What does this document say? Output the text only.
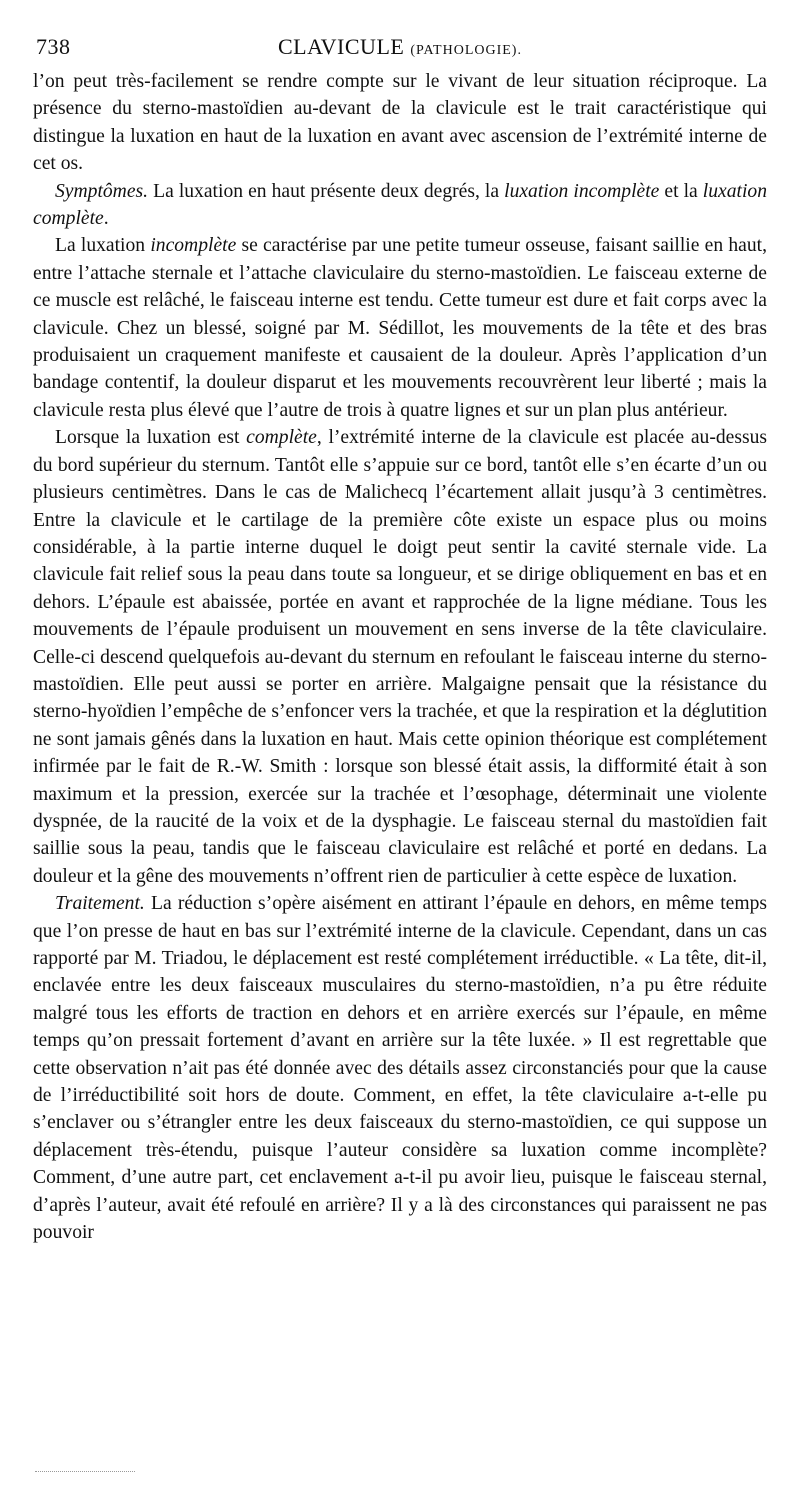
738	CLAVICULE (PATHOLOGIE).

l’on peut très-facilement se rendre compte sur le vivant de leur situation réciproque. La présence du sterno-mastoïdien au-devant de la clavicule est le trait caractéristique qui distingue la luxation en haut de la luxation en avant avec ascension de l’extrémité interne de cet os.

Symptômes. La luxation en haut présente deux degrés, la luxation incomplète et la luxation complète.

La luxation incomplète se caractérise par une petite tumeur osseuse, faisant saillie en haut, entre l’attache sternale et l’attache claviculaire du sterno-mastoïdien. Le faisceau externe de ce muscle est relâché, le faisceau interne est tendu. Cette tumeur est dure et fait corps avec la clavicule. Chez un blessé, soigné par M. Sédillot, les mouvements de la tête et des bras produisaient un craquement manifeste et causaient de la douleur. Après l’application d’un bandage contentif, la douleur disparut et les mouvements recouvrèrent leur liberté ; mais la clavicule resta plus élevé que l’autre de trois à quatre lignes et sur un plan plus antérieur.

Lorsque la luxation est complète, l’extrémité interne de la clavicule est placée au-dessus du bord supérieur du sternum. Tantôt elle s’appuie sur ce bord, tantôt elle s’en écarte d’un ou plusieurs centimètres. Dans le cas de Malichecq l’écartement allait jusqu’à 3 centimètres. Entre la clavicule et le cartilage de la première côte existe un espace plus ou moins considérable, à la partie interne duquel le doigt peut sentir la cavité sternale vide. La clavicule fait relief sous la peau dans toute sa longueur, et se dirige obliquement en bas et en dehors. L’épaule est abaissée, portée en avant et rapprochée de la ligne médiane. Tous les mouvements de l’épaule produisent un mouvement en sens inverse de la tête claviculaire. Celle-ci descend quelquefois au-devant du sternum en refoulant le faisceau interne du sterno-mastoïdien. Elle peut aussi se porter en arrière. Malgaigne pensait que la résistance du sterno-hyoïdien l’empêche de s’enfoncer vers la trachée, et que la respiration et la déglutition ne sont jamais gênés dans la luxation en haut. Mais cette opinion théorique est complétement infirmée par le fait de R.-W. Smith : lorsque son blessé était assis, la difformité était à son maximum et la pression, exercée sur la trachée et l’œsophage, déterminait une violente dyspnée, de la raucité de la voix et de la dysphagie. Le faisceau sternal du mastoïdien fait saillie sous la peau, tandis que le faisceau claviculaire est relâché et porté en dedans. La douleur et la gêne des mouvements n’offrent rien de particulier à cette espèce de luxation.

Traitement. La réduction s’opère aisément en attirant l’épaule en dehors, en même temps que l’on presse de haut en bas sur l’extrémité interne de la clavicule. Cependant, dans un cas rapporté par M. Triadou, le déplacement est resté complétement irréductible. « La tête, dit-il, enclavée entre les deux faisceaux musculaires du sterno-mastoïdien, n’a pu être réduite malgré tous les efforts de traction en dehors et en arrière exercés sur l’épaule, en même temps qu’on pressait fortement d’avant en arrière sur la tête luxée. » Il est regrettable que cette observation n’ait pas été donnée avec des détails assez circonstanciés pour que la cause de l’irréductibilité soit hors de doute. Comment, en effet, la tête claviculaire a-t-elle pu s’enclaver ou s’étrangler entre les deux faisceaux du sterno-mastoïdien, ce qui suppose un déplacement très-étendu, puisque l’auteur considère sa luxation comme incomplète? Comment, d’une autre part, cet enclavement a-t-il pu avoir lieu, puisque le faisceau sternal, d’après l’auteur, avait été refoulé en arrière? Il y a là des circonstances qui paraissent ne pas pouvoir
